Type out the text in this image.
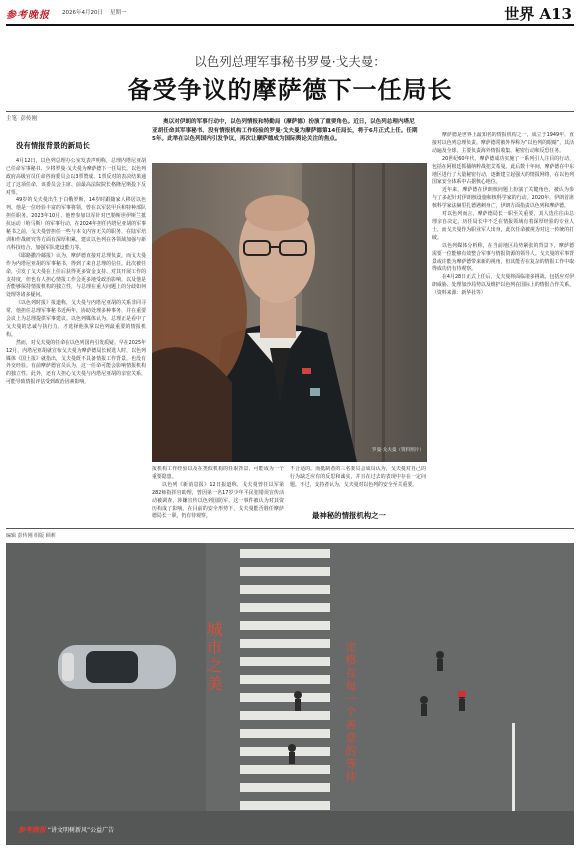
参考晚报 2026年4月20日 星期一	世界 A13
以色列总理军事秘书罗曼·戈夫曼：
备受争议的摩萨德下一任局长
主笔 彭传刚	奥以对伊朗的军事行动中，以色列情报和特勤局（摩萨德）扮演了重要角色。近日，以色列总理内塔尼亚胡任命其军事秘书、没有情报机构工作经验的罗曼·戈夫曼为摩萨德第14任局长，将于6月正式上任。任期5年。此举在以色列国内引发争议，再次让摩萨德成为国际舆论关注的焦点。
没有情报背景的新局长

4月12日，以色列总理办公室发表声明称，总理内塔尼亚胡已任命军事秘书、少将罗曼·戈夫曼为摩萨德下一任局长。以色列政府高级官员任命咨询委员会以3票赞成、1票反对的表决结果通过了这项任命，该委员会主席、前最高法院院长格隆尼斯投下反对票。

49岁的戈夫曼出生于白俄罗斯，14岁时跟随家人移居以色列。他是一位经验丰富的军事将领，曾在以军装甲兵和特种部队担任职务。2023年10月，他曾参加以军针对巴勒斯坦伊斯兰抵抗运动（哈马斯）的军事行动，在2024年担任内塔尼亚胡的军事秘书之前，戈夫曼曾担任一些与本文内容无关的职务，在陆军培训和作战研究等方面有深厚积累，建议以色列在各领域加强与新兴科技结合，加强军队建设能力等。

《耶路撒冷邮报》认为，摩萨德直接对总理负责，而戈夫曼作为内塔尼亚胡的军事秘书，得到了来自总理的信任。此次被任命，引发了戈夫曼在上任后获得更多资金支持、对其开展工作的支持度，但也有人担心情报工作会更多地受政治影响，以及他是否能够保持情报机构的独立性，与总理在重大问题上的分歧如何处理等诸多疑问。

《以色列时报》报道称，戈夫曼与内塔尼亚胡的关系非同寻常，他担任总理军事秘书近两年，协助处理多种事务，并在重要会议上为总理提供军事建议。以色列媒体认为，总理正是看中了戈夫曼的忠诚与执行力，才选择他执掌以色列最重要的情报机构。

然而，对戈夫曼的任命在以色列国内引发质疑。早在2025年12月，内塔尼亚胡就宣布戈夫曼为摩萨德局长候选人时，以色列媒体《国土报》就指出，戈夫曼既不具备情报工作背景，也没有外交经验。有前摩萨德官员认为，这一任命可能会影响情报机构的独立性。此外，还有人担心戈夫曼与内塔尼亚胡的亲密关系，可能导致情报评估受到政治因素影响。

罗曼·戈夫曼（资料照片）

报机构工作经验以及在类似机构的任职背景，可能成为一个重要隐患。

以色列《新消息报》12日报道称，戈夫曼曾任以军第282师指挥官助理，曾因第一名17岁少年平民犯错误宣传活动被调查，涉嫌宣传以色列国防军，这一事件被认为对其资历构成了影响。在目前的安全形势下，戈夫曼能否胜任摩萨德局长一职，仍有待观察。

不合适的。而抵制者的三名委员会成员认为，戈夫曼对自己的行为缺乏应有的反思和诚实，并且在过去的表现中存在一定问题。不过，支持者认为，戈夫曼对以色列的安全至关重要。

最神秘的情报机构之一

摩萨德是世界上最知名的情报机构之一，成立于1949年，直接对以色列总理负责。摩萨德常被外界称为“以色列的眼睛”，其活动遍及全球，主要负责海外情报收集、秘密行动和反恐任务。

20世纪60年代，摩萨德成功实施了一系列引人注目的行动，包括在阿根廷抓捕纳粹战犯艾希曼。此后数十年间，摩萨德在中东地区进行了大量秘密行动，逐渐建立起强大的情报网络，在以色列国家安全体系中占据核心地位。

近年来，摩萨德在伊朗核问题上扮演了关键角色，被认为参与了多起针对伊朗核设施和核科学家的行动。2020年，伊朗首席核科学家法赫里扎德遇刺身亡，伊朗方面指责以色列和摩萨德。

对以色列而言，摩萨德局长一职至关重要，其人选往往由总理亲自决定。历任局长中不乏在情报领域有着深厚经验的专业人士，而戈夫曼作为职业军人出身，此次任命被视为对这一传统的打破。

以色列媒体分析称，在当前地区局势紧张的背景下，摩萨德需要一位能够有效整合军事与情报资源的领导人。戈夫曼的军事背景或许能为摩萨德带来新的视角，但其能否在复杂的情报工作中取得成功仍有待观察。

在4月28日正式上任后，戈夫曼将面临诸多挑战，包括应对伊朗威胁、处理加沙局势以及维护以色列在国际上的情报合作关系。（资料来源：新华社等）

编辑 彭传刚 组版 顾莉
城市之美	定格在每一个善意的等待
参考晚报 “讲文明树新风”公益广告
